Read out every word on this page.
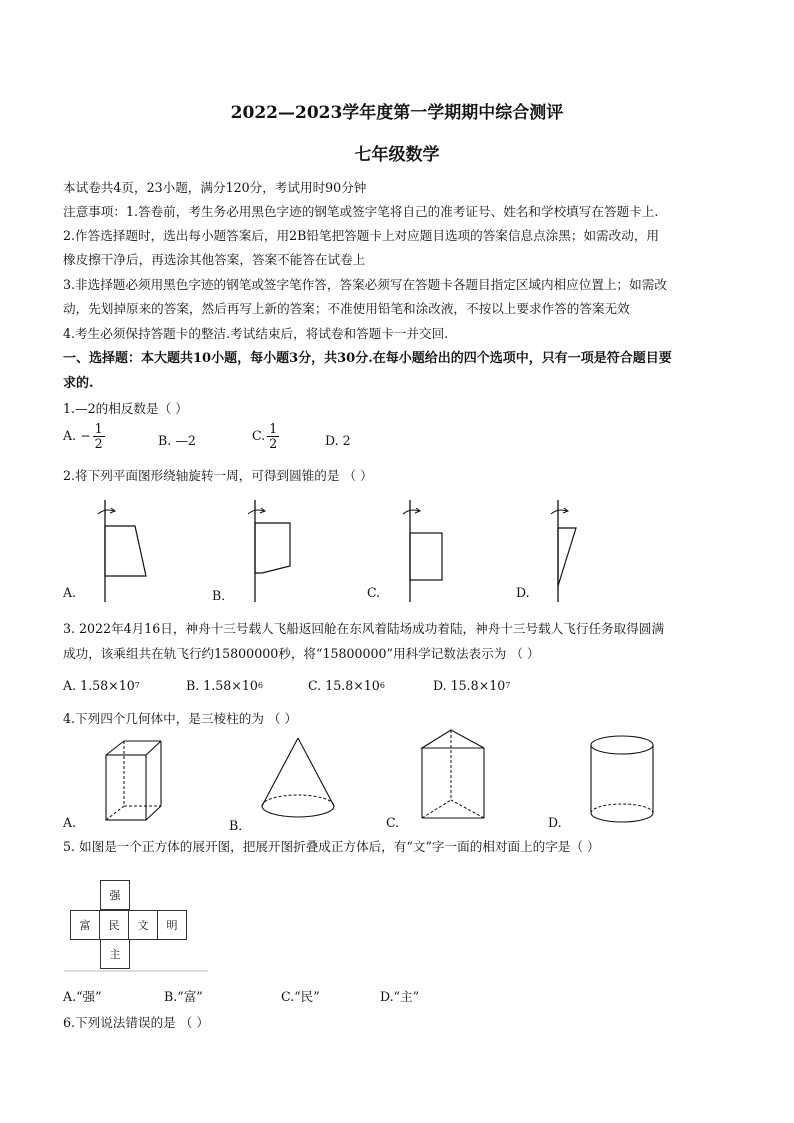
2022—2023学年度第一学期期中综合测评
七年级数学
本试卷共4页，23小题，满分120分，考试用时90分钟
注意事项：1.答卷前，考生务必用黑色字迹的钢笔或签字笔将自己的准考证号、姓名和学校填写在答题卡上.
2.作答选择题时，选出每小题答案后，用2B铅笔把答题卡上对应题目选项的答案信息点涂黑；如需改动，用
橡皮擦干净后，再选涂其他答案，答案不能答在试卷上
3.非选择题必须用黑色字迹的钢笔或签字笔作答，答案必须写在答题卡各题目指定区域内相应位置上；如需改
动，先划掉原来的答案，然后再写上新的答案；不准使用铅笔和涂改液，不按以上要求作答的答案无效
4.考生必须保持答题卡的整洁.考试结束后，将试卷和答题卡一并交回.
一、选择题：本大题共10小题，每小题3分，共30分.在每小题给出的四个选项中，只有一项是符合题目要
求的.
1.—2的相反数是（ ）
A. − $\frac{1}{2}$	B. —2	C. $\frac{1}{2}$	D. 2
2.将下列平面图形绕轴旋转一周，可得到圆锥的是 （ ）
A.	B．	C.	D.
3. 2022年4月16日，神舟十三号载人飞船返回舱在东风着陆场成功着陆，神舟十三号载人飞行任务取得圆满
成功，该乘组共在轨飞行约15800000秒，将“15800000”用科学记数法表示为 （ ）
A. $1.58\times 10^7$	B. $1.58\times 10^6$	C. $15.8\times 10^6$	D. $15.8\times 10^7$
4.下列四个几何体中，是三棱柱的为 （ ）
A.	B．	C.	D.
5. 如图是一个正方体的展开图，把展开图折叠成正方体后，有“文”字一面的相对面上的字是（ ）
强
富	民	文	明
主
A.“强”	B.“富”	C.“民”	D.“主”
6.下列说法错误的是 （ ）
